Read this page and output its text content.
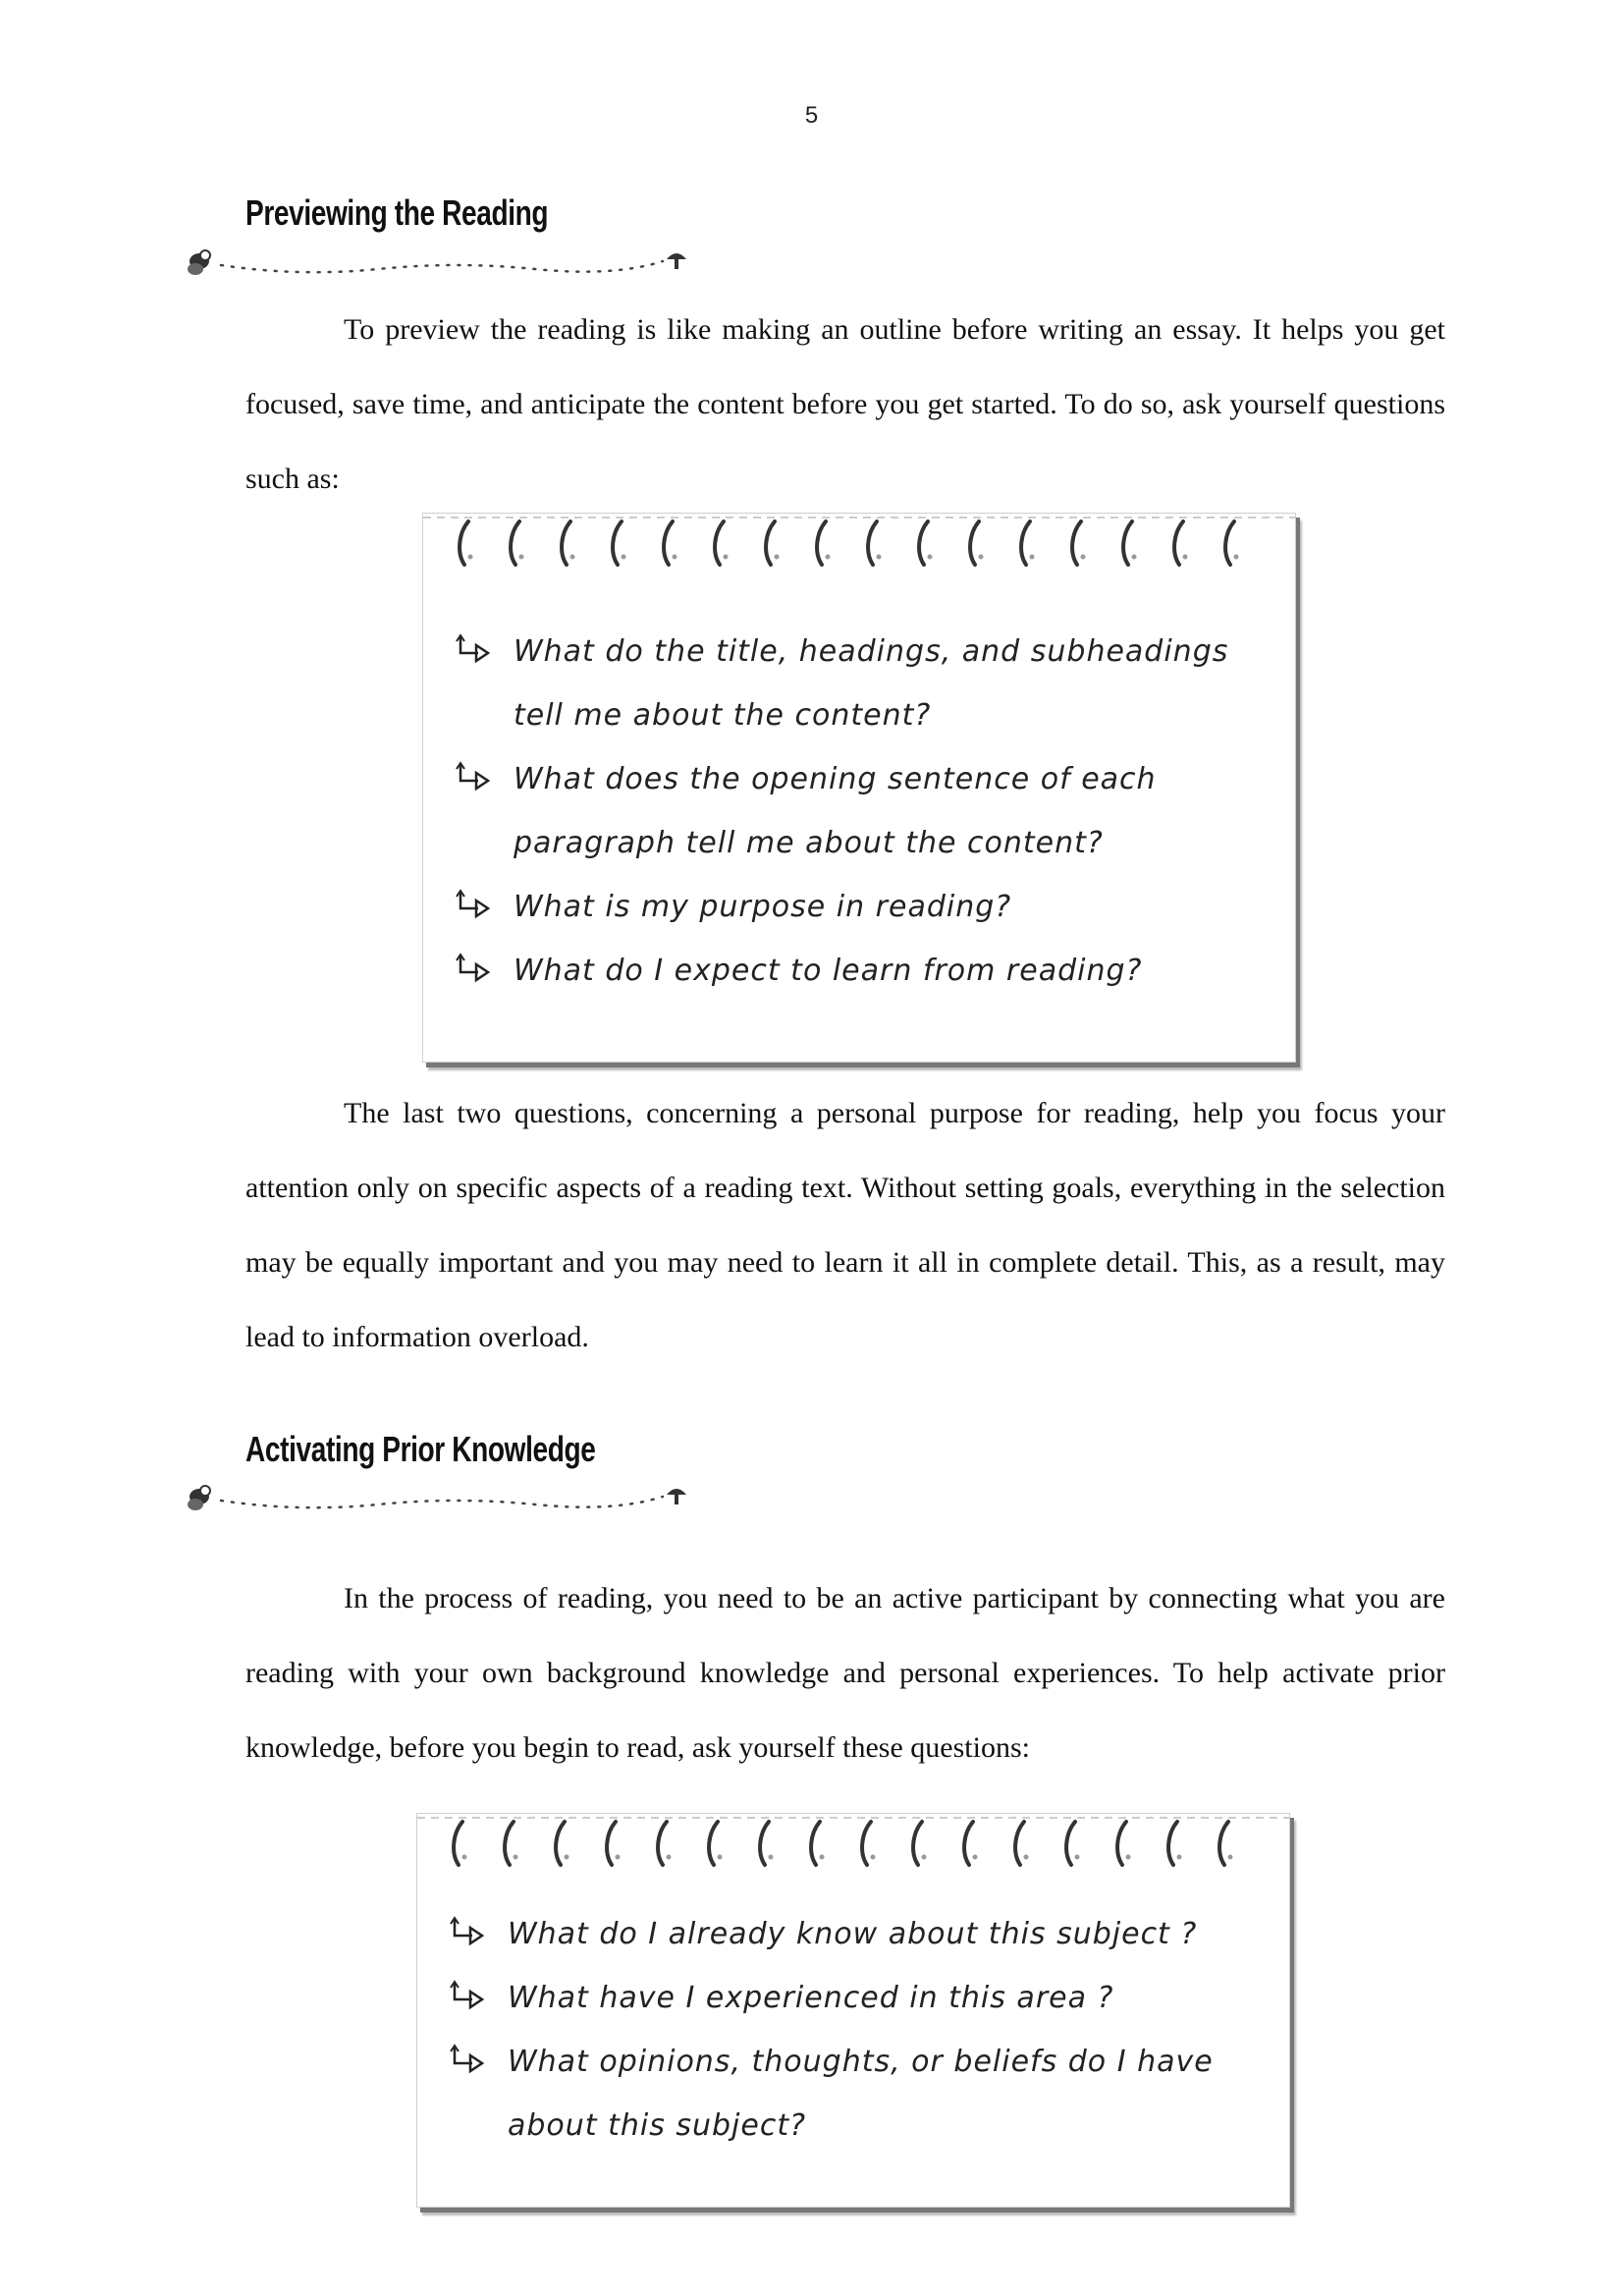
5
Previewing the Reading

To preview the reading is like making an outline before writing an essay. It helps you get focused, save time, and anticipate the content before you get started. To do so, ask yourself questions such as:

What do the title, headings, and subheadings tell me about the content?
What does the opening sentence of each paragraph tell me about the content?
What is my purpose in reading?
What do I expect to learn from reading?

The last two questions, concerning a personal purpose for reading, help you focus your attention only on specific aspects of a reading text. Without setting goals, everything in the selection may be equally important and you may need to learn it all in complete detail. This, as a result, may lead to information overload.

Activating Prior Knowledge

In the process of reading, you need to be an active participant by connecting what you are reading with your own background knowledge and personal experiences. To help activate prior knowledge, before you begin to read, ask yourself these questions:

What do I already know about this subject ?
What have I experienced in this area ?
What opinions, thoughts, or beliefs do I have about this subject?
